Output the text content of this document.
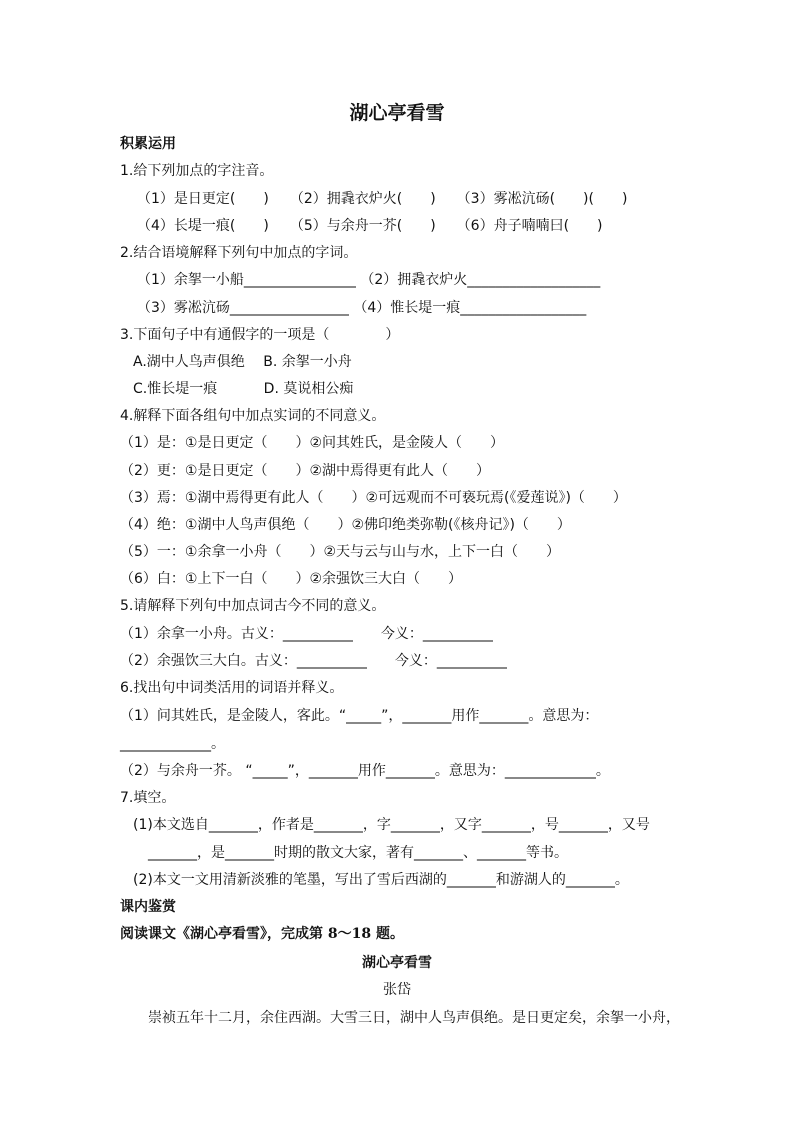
湖心亭看雪
积累运用
1.给下列加点的字注音。
（1）是日更定(　　)　　（2）拥毳衣炉火(　　)　　（3）雾凇沆砀(　　)(　　)
（4）长堤一痕(　　)　　（5）与余舟一芥(　　)　　（6）舟子喃喃曰(　　)
2.结合语境解释下列句中加点的字词。
（1）余挐一小船________________ （2）拥毳衣炉火___________________
（3）雾凇沆砀_________________ （4）惟长堤一痕__________________
3.下面句子中有通假字的一项是（　　　　）
A.湖中人鸟声俱绝　 B. 余挐一小舟
C.惟长堤一痕　　　 D. 莫说相公痴
4.解释下面各组句中加点实词的不同意义。
（1）是：①是日更定（　　）②问其姓氏，是金陵人（　　）
（2）更：①是日更定（　　）②湖中焉得更有此人（　　）
（3）焉：①湖中焉得更有此人（　　）②可远观而不可亵玩焉(《爱莲说》)（　　）
（4）绝：①湖中人鸟声俱绝（　　）②佛印绝类弥勒(《核舟记》)（　　）
（5）一：①余拿一小舟（　　）②天与云与山与水，上下一白（　　）
（6）白：①上下一白（　　）②余强饮三大白（　　）
5.请解释下列句中加点词古今不同的意义。
（1）余拿一小舟。古义：__________　　今义：__________
（2）余强饮三大白。古义：__________　　今义：__________
6.找出句中词类活用的词语并释义。
（1）问其姓氏，是金陵人，客此。“_____”，_______用作_______。意思为：
_____________。
（2）与余舟一芥。 “_____”，_______用作_______。意思为：_____________。
7.填空。
(1)本文选自_______，作者是_______，字_______，又字_______，号_______，又号
_______，是_______时期的散文大家，著有_______、_______等书。
(2)本文一文用清新淡雅的笔墨，写出了雪后西湖的_______和游湖人的_______。
课内鉴赏
阅读课文《湖心亭看雪》，完成第 8～18 题。
湖心亭看雪
张岱
崇祯五年十二月，余住西湖。大雪三日，湖中人鸟声俱绝。是日更定矣，余挐一小舟，
